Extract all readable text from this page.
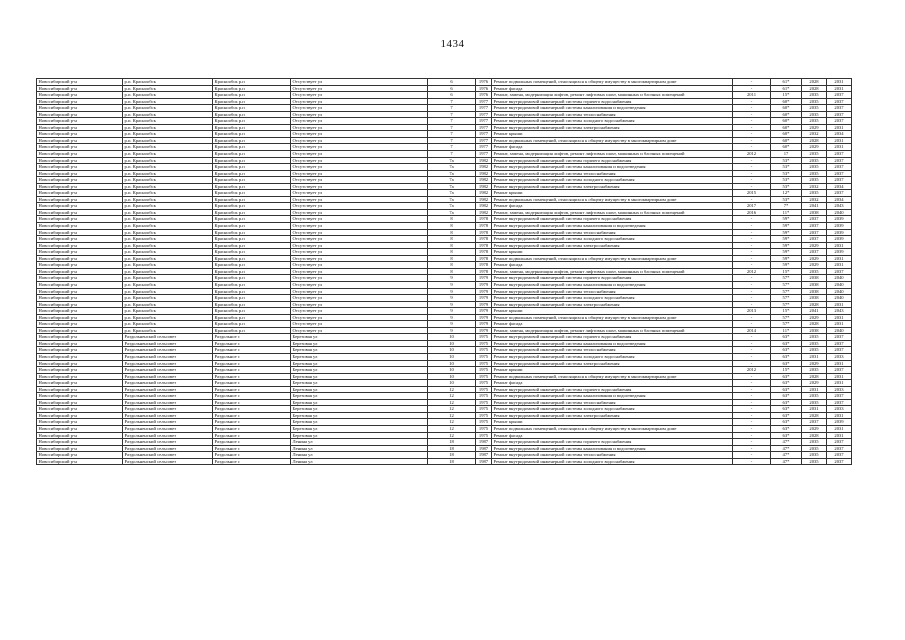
1434
Новосибирский р-н	р.п. Краснообск	Краснообск р.п	Отсутствует ул	6	1976	Ремонт подвальных помещений, относящихся к общему имуществу в многоквартирном доме	-	61*	2028	2031
Новосибирский р-н	р.п. Краснообск	Краснообск р.п	Отсутствует ул	6	1976	Ремонт фасада	-	61*	2028	2031
Новосибирский р-н	р.п. Краснообск	Краснообск р.п	Отсутствует ул	6	1976	Ремонт, замена, модернизация лифтов, ремонт лифтовых шахт, машинных и блочных помещений	2011	15*	2035	2037
Новосибирский р-н	р.п. Краснообск	Краснообск р.п	Отсутствует ул	7	1977	Ремонт внутридомовой инженерной системы горячего водоснабжения	-	60*	2035	2037
Новосибирский р-н	р.п. Краснообск	Краснообск р.п	Отсутствует ул	7	1977	Ремонт внутридомовой инженерной системы канализования и водоотведения	-	60*	2035	2037
Новосибирский р-н	р.п. Краснообск	Краснообск р.п	Отсутствует ул	7	1977	Ремонт внутридомовой инженерной системы теплоснабжения	-	60*	2035	2037
Новосибирский р-н	р.п. Краснообск	Краснообск р.п	Отсутствует ул	7	1977	Ремонт внутридомовой инженерной системы холодного водоснабжения	-	60*	2035	2037
Новосибирский р-н	р.п. Краснообск	Краснообск р.п	Отсутствует ул	7	1977	Ремонт внутридомовой инженерной системы электроснабжения	-	60*	2029	2031
Новосибирский р-н	р.п. Краснообск	Краснообск р.п	Отсутствует ул	7	1977	Ремонт крыши	-	60*	2032	2034
Новосибирский р-н	р.п. Краснообск	Краснообск р.п	Отсутствует ул	7	1977	Ремонт подвальных помещений, относящихся к общему имуществу в многоквартирном доме	-	60*	2028	2031
Новосибирский р-н	р.п. Краснообск	Краснообск р.п	Отсутствует ул	7	1977	Ремонт фасада	-	60*	2029	2031
Новосибирский р-н	р.п. Краснообск	Краснообск р.п	Отсутствует ул	7	1977	Ремонт, замена, модернизация лифтов, ремонт лифтовых шахт, машинных и блочных помещений	2012	17	2035	2037
Новосибирский р-н	р.п. Краснообск	Краснообск р.п	Отсутствует ул	7а	1982	Ремонт внутридомовой инженерной системы горячего водоснабжения	-	53*	2035	2037
Новосибирский р-н	р.п. Краснообск	Краснообск р.п	Отсутствует ул	7а	1982	Ремонт внутридомовой инженерной системы канализования и водоотведения	-	53*	2035	2037
Новосибирский р-н	р.п. Краснообск	Краснообск р.п	Отсутствует ул	7а	1982	Ремонт внутридомовой инженерной системы теплоснабжения	-	53*	2035	2037
Новосибирский р-н	р.п. Краснообск	Краснообск р.п	Отсутствует ул	7а	1982	Ремонт внутридомовой инженерной системы холодного водоснабжения	-	53*	2035	2037
Новосибирский р-н	р.п. Краснообск	Краснообск р.п	Отсутствует ул	7а	1982	Ремонт внутридомовой инженерной системы электроснабжения	-	53*	2032	2034
Новосибирский р-н	р.п. Краснообск	Краснообск р.п	Отсутствует ул	7а	1982	Ремонт крыши	2015	12*	2035	2037
Новосибирский р-н	р.п. Краснообск	Краснообск р.п	Отсутствует ул	7а	1982	Ремонт подвальных помещений, относящихся к общему имуществу в многоквартирном доме	-	53*	2032	2034
Новосибирский р-н	р.п. Краснообск	Краснообск р.п	Отсутствует ул	7а	1982	Ремонт фасада	2017	7*	2041	2043
Новосибирский р-н	р.п. Краснообск	Краснообск р.п	Отсутствует ул	7а	1982	Ремонт, замена, модернизация лифтов, ремонт лифтовых шахт, машинных и блочных помещений	2016	11*	2038	2040
Новосибирский р-н	р.п. Краснообск	Краснообск р.п	Отсутствует ул	8	1978	Ремонт внутридомовой инженерной системы горячего водоснабжения	-	59*	2037	2039
Новосибирский р-н	р.п. Краснообск	Краснообск р.п	Отсутствует ул	8	1978	Ремонт внутридомовой инженерной системы канализования и водоотведения	-	59*	2037	2039
Новосибирский р-н	р.п. Краснообск	Краснообск р.п	Отсутствует ул	8	1978	Ремонт внутридомовой инженерной системы теплоснабжения	-	59*	2037	2039
Новосибирский р-н	р.п. Краснообск	Краснообск р.п	Отсутствует ул	8	1978	Ремонт внутридомовой инженерной системы холодного водоснабжения	-	59*	2037	2039
Новосибирский р-н	р.п. Краснообск	Краснообск р.п	Отсутствует ул	8	1978	Ремонт внутридомовой инженерной системы электроснабжения	-	59*	2029	2031
Новосибирский р-н	р.п. Краснообск	Краснообск р.п	Отсутствует ул	8	1978	Ремонт крыши	-	59*	2037	2039
Новосибирский р-н	р.п. Краснообск	Краснообск р.п	Отсутствует ул	8	1978	Ремонт подвальных помещений, относящихся к общему имуществу в многоквартирном доме	-	59*	2029	2031
Новосибирский р-н	р.п. Краснообск	Краснообск р.п	Отсутствует ул	8	1978	Ремонт фасада	-	59*	2029	2031
Новосибирский р-н	р.п. Краснообск	Краснообск р.п	Отсутствует ул	8	1978	Ремонт, замена, модернизация лифтов, ремонт лифтовых шахт, машинных и блочных помещений	2012	15*	2035	2037
Новосибирский р-н	р.п. Краснообск	Краснообск р.п	Отсутствует ул	9	1979	Ремонт внутридомовой инженерной системы горячего водоснабжения	-	57*	2038	2040
Новосибирский р-н	р.п. Краснообск	Краснообск р.п	Отсутствует ул	9	1979	Ремонт внутридомовой инженерной системы канализования и водоотведения	-	57*	2038	2040
Новосибирский р-н	р.п. Краснообск	Краснообск р.п	Отсутствует ул	9	1979	Ремонт внутридомовой инженерной системы теплоснабжения	-	57*	2038	2040
Новосибирский р-н	р.п. Краснообск	Краснообск р.п	Отсутствует ул	9	1979	Ремонт внутридомовой инженерной системы холодного водоснабжения	-	57*	2038	2040
Новосибирский р-н	р.п. Краснообск	Краснообск р.п	Отсутствует ул	9	1979	Ремонт внутридомовой инженерной системы электроснабжения	-	57*	2028	2031
Новосибирский р-н	р.п. Краснообск	Краснообск р.п	Отсутствует ул	9	1979	Ремонт крыши	2013	15*	2041	2043
Новосибирский р-н	р.п. Краснообск	Краснообск р.п	Отсутствует ул	9	1979	Ремонт подвальных помещений, относящихся к общему имуществу в многоквартирном доме	-	57*	2029	2031
Новосибирский р-н	р.п. Краснообск	Краснообск р.п	Отсутствует ул	9	1979	Ремонт фасада	-	57*	2028	2031
Новосибирский р-н	р.п. Краснообск	Краснообск р.п	Отсутствует ул	9	1979	Ремонт, замена, модернизация лифтов, ремонт лифтовых шахт, машинных и блочных помещений	2014	11*	2038	2040
Новосибирский р-н	Раздольненский сельсовет	Раздольное с	Березовая ул	10	1975	Ремонт внутридомовой инженерной системы горячего водоснабжения	-	63*	2035	2037
Новосибирский р-н	Раздольненский сельсовет	Раздольное с	Березовая ул	10	1975	Ремонт внутридомовой инженерной системы канализования и водоотведения	-	63*	2035	2037
Новосибирский р-н	Раздольненский сельсовет	Раздольное с	Березовая ул	10	1975	Ремонт внутридомовой инженерной системы теплоснабжения	-	63*	2035	2037
Новосибирский р-н	Раздольненский сельсовет	Раздольное с	Березовая ул	10	1975	Ремонт внутридомовой инженерной системы холодного водоснабжения	-	63*	2031	2033
Новосибирский р-н	Раздольненский сельсовет	Раздольное с	Березовая ул	10	1975	Ремонт внутридомовой инженерной системы электроснабжения	-	63*	2029	2031
Новосибирский р-н	Раздольненский сельсовет	Раздольное с	Березовая ул	10	1975	Ремонт крыши	2012	15*	2035	2037
Новосибирский р-н	Раздольненский сельсовет	Раздольное с	Березовая ул	10	1975	Ремонт подвальных помещений, относящихся к общему имуществу в многоквартирном доме	-	63*	2028	2031
Новосибирский р-н	Раздольненский сельсовет	Раздольное с	Березовая ул	10	1975	Ремонт фасада	-	63*	2029	2031
Новосибирский р-н	Раздольненский сельсовет	Раздольное с	Березовая ул	12	1975	Ремонт внутридомовой инженерной системы горячего водоснабжения	-	63*	2031	2033
Новосибирский р-н	Раздольненский сельсовет	Раздольное с	Березовая ул	12	1975	Ремонт внутридомовой инженерной системы канализования и водоотведения	-	63*	2035	2037
Новосибирский р-н	Раздольненский сельсовет	Раздольное с	Березовая ул	12	1975	Ремонт внутридомовой инженерной системы теплоснабжения	-	63*	2035	2037
Новосибирский р-н	Раздольненский сельсовет	Раздольное с	Березовая ул	12	1975	Ремонт внутридомовой инженерной системы холодного водоснабжения	-	63*	2031	2033
Новосибирский р-н	Раздольненский сельсовет	Раздольное с	Березовая ул	12	1975	Ремонт внутридомовой инженерной системы электроснабжения	-	63*	2028	2031
Новосибирский р-н	Раздольненский сельсовет	Раздольное с	Березовая ул	12	1975	Ремонт крыши	-	63*	2037	2039
Новосибирский р-н	Раздольненский сельсовет	Раздольное с	Березовая ул	12	1975	Ремонт подвальных помещений, относящихся к общему имуществу в многоквартирном доме	-	63*	2029	2031
Новосибирский р-н	Раздольненский сельсовет	Раздольное с	Березовая ул	12	1975	Ремонт фасада	-	63*	2028	2031
Новосибирский р-н	Раздольненский сельсовет	Раздольное с	Ленина ул	18	1987	Ремонт внутридомовой инженерной системы горячего водоснабжения	-	47*	2035	2037
Новосибирский р-н	Раздольненский сельсовет	Раздольное с	Ленина ул	18	1987	Ремонт внутридомовой инженерной системы канализования и водоотведения	-	47*	2035	2037
Новосибирский р-н	Раздольненский сельсовет	Раздольное с	Ленина ул	18	1987	Ремонт внутридомовой инженерной системы теплоснабжения	-	47*	2035	2037
Новосибирский р-н	Раздольненский сельсовет	Раздольное с	Ленина ул	18	1987	Ремонт внутридомовой инженерной системы холодного водоснабжения	-	47*	2035	2037
